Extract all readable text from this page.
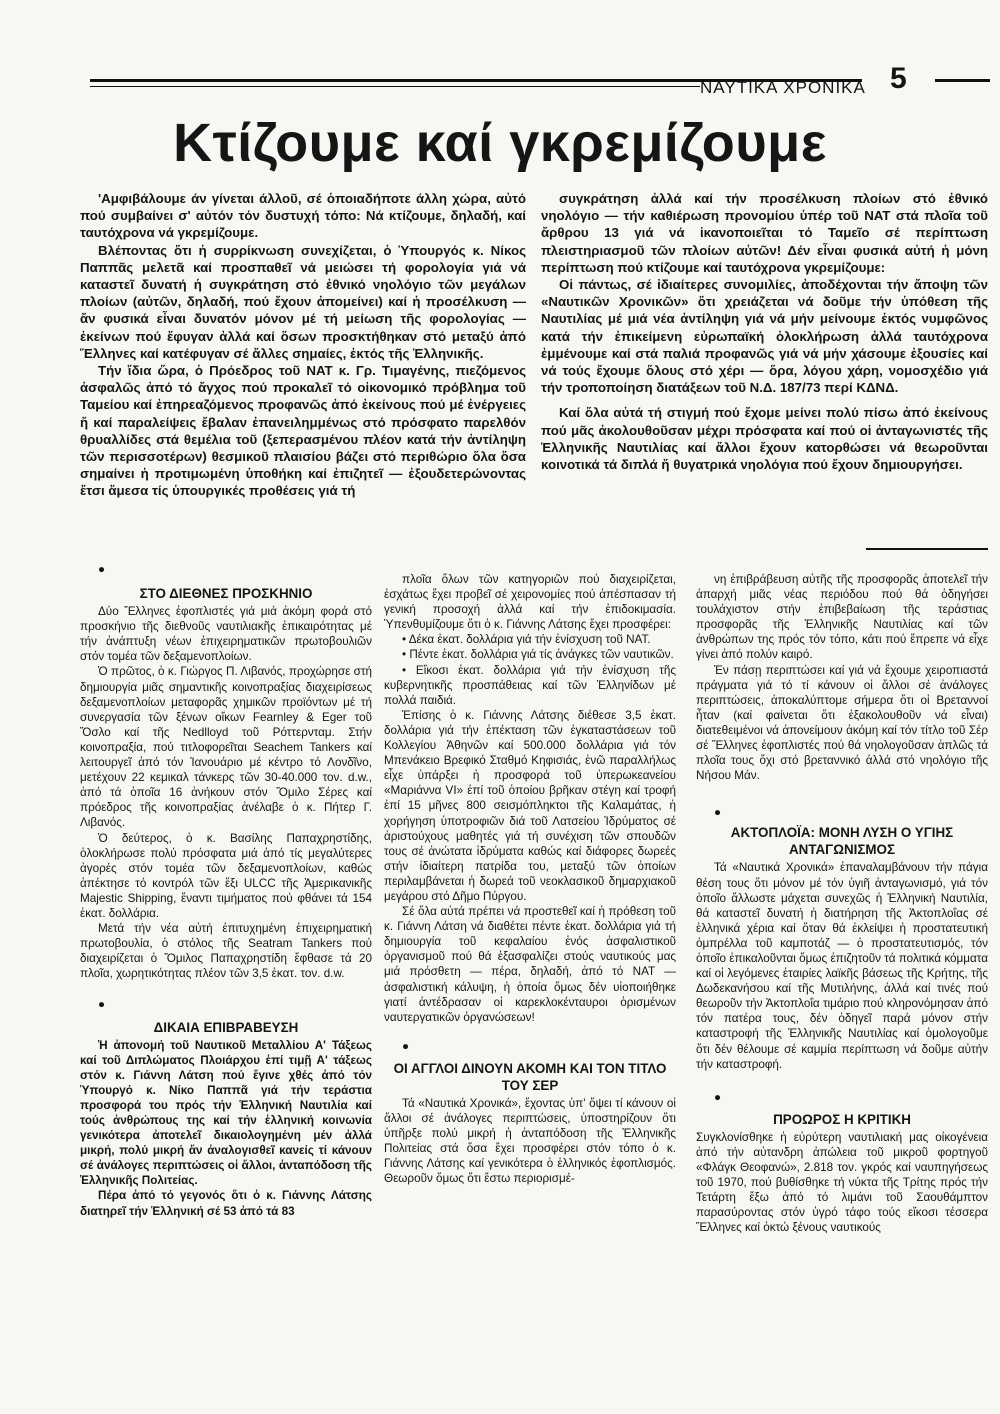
ΝΑΥΤΙΚΑ ΧΡΟΝΙΚΑ 5
Κτίζουμε καί γκρεμίζουμε

'Αμφιβάλουμε άν γίνεται άλλοῦ, σέ ὁποιαδήποτε άλλη χώρα, αὐτό πού συμβαίνει σ' αὐτόν τόν δυστυχή τόπο: Νά κτίζουμε, δηλαδή, καί ταυτόχρονα νά γκρεμίζουμε.

Βλέποντας ὅτι ἡ συρρίκνωση συνεχίζεται, ὁ Ὑπουργός κ. Νίκος Παππᾶς μελετᾶ καί προσπαθεῖ νά μειώσει τή φορολογία γιά νά καταστεῖ δυνατή ἡ συγκράτηση στό ἐθνικό νηολόγιο τῶν μεγάλων πλοίων (αὐτῶν, δηλαδή, πού ἔχουν ἀπομείνει) καί ἡ προσέλκυση — ἄν φυσικά εἶναι δυνατόν μόνον μέ τή μείωση τῆς φορολογίας — ἐκείνων πού ἔφυγαν ἀλλά καί ὅσων προσκτήθηκαν στό μεταξύ ἀπό Ἕλληνες καί κατέφυγαν σέ ἄλλες σημαίες, ἐκτός τῆς Ἑλληνικῆς.

Τήν ἴδια ὥρα, ὁ Πρόεδρος τοῦ ΝΑΤ κ. Γρ. Τιμαγένης, πιεζόμενος ἀσφαλῶς ἀπό τό ἄγχος πού προκαλεῖ τό οἰκονομικό πρόβλημα τοῦ Ταμείου καί ἐπηρεαζόμενος προφανῶς ἀπό ἐκείνους πού μέ ἐνέργειες ἤ καί παραλείψεις ἔβαλαν ἐπανειλημμένως στό πρόσφατο παρελθόν θρυαλλίδες στά θεμέλια τοῦ (ξεπερασμένου πλέον κατά τήν ἀντίληψη τῶν περισσοτέρων) θεσμικοῦ πλαισίου βάζει στό περιθώριο ὅλα ὅσα σημαίνει ἡ προτιμωμένη ὑποθήκη καί ἐπιζητεῖ — ἐξουδετερώνοντας ἔτσι ἄμεσα τίς ὑπουργικές προθέσεις γιά τή

συγκράτηση ἀλλά καί τήν προσέλκυση πλοίων στό ἐθνικό νηολόγιο — τήν καθιέρωση προνομίου ὑπέρ τοῦ ΝΑΤ στά πλοῖα τοῦ ἄρθρου 13 γιά νά ἱκανοποιεῖται τό Ταμεῖο σέ περίπτωση πλειστηριασμοῦ τῶν πλοίων αὐτῶν! Δέν εἶναι φυσικά αὐτή ἡ μόνη περίπτωση πού κτίζουμε καί ταυτόχρονα γκρεμίζουμε:

Οἱ πάντως, σέ ἰδιαίτερες συνομιλίες, ἀποδέχονται τήν ἄποψη τῶν «Ναυτικῶν Χρονικῶν» ὅτι χρειάζεται νά δοῦμε τήν ὑπόθεση τῆς Ναυτιλίας μέ μιά νέα ἀντίληψη γιά νά μήν μείνουμε ἐκτός νυμφῶνος κατά τήν ἐπικείμενη εὐρωπαϊκή ὁλοκλήρωση ἀλλά ταυτόχρονα ἐμμένουμε καί στά παλιά προφανῶς γιά νά μήν χάσουμε ἐξουσίες καί νά τούς ἔχουμε ὅλους στό χέρι — ὅρα, λόγου χάρη, νομοσχέδιο γιά τήν τροποποίηση διατάξεων τοῦ Ν.Δ. 187/73 περί ΚΔΝΔ.

Καί ὅλα αὐτά τή στιγμή πού ἔχομε μείνει πολύ πίσω ἀπό ἐκείνους πού μᾶς ἀκολουθοῦσαν μέχρι πρόσφατα καί πού οἱ ἀνταγωνιστές τῆς Ἑλληνικῆς Ναυτιλίας καί ἄλλοι ἔχουν κατορθώσει νά θεωροῦνται κοινοτικά τά διπλά ἤ θυγατρικά νηολόγια πού ἔχουν δημιουργήσει.

●

ΣΤΟ ΔΙΕΘΝΕΣ ΠΡΟΣΚΗΝΙΟ

Δύο Ἕλληνες ἐφοπλιστές γιά μιά ἀκόμη φορά στό προσκήνιο τῆς διεθνοῦς ναυτιλιακῆς ἐπικαιρότητας μέ τήν ἀνάπτυξη νέων ἐπιχειρηματικῶν πρωτοβουλιῶν στόν τομέα τῶν δεξαμενοπλοίων.

Ὁ πρῶτος, ὁ κ. Γιώργος Π. Λιβανός, προχώρησε στή δημιουργία μιᾶς σημαντικῆς κοινοπραξίας διαχειρίσεως δεξαμενοπλοίων μεταφορᾶς χημικῶν προϊόντων μέ τή συνεργασία τῶν ξένων οἴκων Fearnley & Eger τοῦ Ὄσλο καί τῆς Nedlloyd τοῦ Ρόττερνταμ. Στήν κοινοπραξία, πού τιτλοφορεῖται Seachem Tankers καί λειτουργεῖ ἀπό τόν Ἰανουάριο μέ κέντρο τό Λονδῖνο, μετέχουν 22 κεμικαλ τάνκερς τῶν 30-40.000 τον. d.w., ἀπό τά ὁποῖα 16 ἀνήκουν στόν Ὅμιλο Σέρες καί πρόεδρος τῆς κοινοπραξίας ἀνέλαβε ὁ κ. Πήτερ Γ. Λιβανός.

Ὁ δεύτερος, ὁ κ. Βασίλης Παπαχρηστίδης, ὁλοκλήρωσε πολύ πρόσφατα μιά ἀπό τίς μεγαλύτερες ἀγορές στόν τομέα τῶν δεξαμενοπλοίων, καθώς ἀπέκτησε τό κοντρόλ τῶν ἕξι ULCC τῆς Ἀμερικανικῆς Majestic Shipping, ἔναντι τιμήματος πού φθάνει τά 154 ἑκατ. δολλάρια.

Μετά τήν νέα αὐτή ἐπιτυχημένη ἐπιχειρηματική πρωτοβουλία, ὁ στόλος τῆς Seatram Tankers πού διαχειρίζεται ὁ Ὅμιλος Παπαχρηστίδη ἔφθασε τά 20 πλοῖα, χωρητικότητας πλέον τῶν 3,5 ἑκατ. τον. d.w.

●

ΔΙΚΑΙΑ ΕΠΙΒΡΑΒΕΥΣΗ

Ἡ ἀπονομή τοῦ Ναυτικοῦ Μεταλλίου Α' Τάξεως καί τοῦ Διπλώματος Πλοιάρχου ἐπί τιμῇ Α' τάξεως στόν κ. Γιάννη Λάτση πού ἔγινε χθές ἀπό τόν Ὑπουργό κ. Νίκο Παππᾶ γιά τήν τεράστια προσφορά του πρός τήν Ἑλληνική Ναυτιλία καί τούς ἀνθρώπους της καί τήν ἑλληνική κοινωνία γενικότερα ἀποτελεῖ δικαιολογημένη μέν ἀλλά μικρή, πολύ μικρή ἄν ἀναλογισθεῖ κανείς τί κάνουν σέ ἀνάλογες περιπτώσεις οἱ ἄλλοι, ἀνταπόδοση τῆς Ἑλληνικῆς Πολιτείας.

Πέρα ἀπό τό γεγονός ὅτι ὁ κ. Γιάννης Λάτσης διατηρεῖ τήν Ἑλληνική σέ 53 ἀπό τά 83

πλοῖα ὅλων τῶν κατηγοριῶν πού διαχειρίζεται, ἐσχάτως ἔχει προβεῖ σέ χειρονομίες πού ἀπέσπασαν τή γενική προσοχή ἀλλά καί τήν ἐπιδοκιμασία. Ὑπενθυμίζουμε ὅτι ὁ κ. Γιάννης Λάτσης ἔχει προσφέρει:

• Δέκα ἑκατ. δολλάρια γιά τήν ἐνίσχυση τοῦ ΝΑΤ.

• Πέντε ἑκατ. δολλάρια γιά τίς ἀνάγκες τῶν ναυτικῶν.

• Εἴκοσι ἑκατ. δολλάρια γιά τήν ἐνίσχυση τῆς κυβερνητικῆς προσπάθειας καί τῶν Ἑλληνίδων μέ πολλά παιδιά.

Ἐπίσης ὁ κ. Γιάννης Λάτσης διέθεσε 3,5 ἑκατ. δολλάρια γιά τήν ἐπέκταση τῶν ἐγκαταστάσεων τοῦ Κολλεγίου Ἀθηνῶν καί 500.000 δολλάρια γιά τόν Μπενάκειο Βρεφικό Σταθμό Κηφισιάς, ἐνῶ παραλλήλως εἶχε ὑπάρξει ἡ προσφορά τοῦ ὑπερωκεανείου «Μαριάννα VI» ἐπί τοῦ ὁποίου βρῆκαν στέγη καί τροφή ἐπί 15 μῆνες 800 σεισμόπληκτοι τῆς Καλαμάτας, ἡ χορήγηση ὑποτροφιῶν διά τοῦ Λατσείου Ἱδρύματος σέ ἀριστούχους μαθητές γιά τή συνέχιση τῶν σπουδῶν τους σέ ἀνώτατα ἱδρύματα καθώς καί διάφορες δωρεές στήν ἰδιαίτερη πατρίδα του, μεταξύ τῶν ὁποίων περιλαμβάνεται ἡ δωρεά τοῦ νεοκλασικοῦ δημαρχιακοῦ μεγάρου στό Δῆμο Πύργου.

Σέ ὅλα αὐτά πρέπει νά προστεθεῖ καί ἡ πρόθεση τοῦ κ. Γιάννη Λάτση νά διαθέτει πέντε ἑκατ. δολλάρια γιά τή δημιουργία τοῦ κεφαλαίου ἑνός ἀσφαλιστικοῦ ὀργανισμοῦ πού θά ἐξασφαλίζει στούς ναυτικούς μας μιά πρόσθετη — πέρα, δηλαδή, ἀπό τό ΝΑΤ — ἀσφαλιστική κάλυψη, ἡ ὁποία ὅμως δέν υἱοποιήθηκε γιατί ἀντέδρασαν οἱ καρεκλοκένταυροι ὁρισμένων ναυτεργατικῶν ὀργανώσεων!

●

ΟΙ ΑΓΓΛΟΙ ΔΙΝΟΥΝ ΑΚΟΜΗ ΚΑΙ ΤΟΝ ΤΙΤΛΟ ΤΟΥ ΣΕΡ

Τά «Ναυτικά Χρονικά», ἔχοντας ὑπ' ὄψει τί κάνουν οἱ ἄλλοι σέ ἀνάλογες περιπτώσεις, ὑποστηρίζουν ὅτι ὑπῆρξε πολύ μικρή ἡ ἀνταπόδοση τῆς Ἑλληνικῆς Πολιτείας στά ὅσα ἔχει προσφέρει στόν τόπο ὁ κ. Γιάννης Λάτσης καί γενικότερα ὁ ἑλληνικός ἐφοπλισμός. Θεωροῦν ὅμως ὅτι ἔστω περιορισμέ-

νη ἐπιβράβευση αὐτῆς τῆς προσφορᾶς ἀποτελεῖ τήν ἀπαρχή μιᾶς νέας περιόδου πού θά ὁδηγήσει τουλάχιστον στήν ἐπιβεβαίωση τῆς τεράστιας προσφορᾶς τῆς Ἑλληνικῆς Ναυτιλίας καί τῶν ἀνθρώπων της πρός τόν τόπο, κάτι πού ἔπρεπε νά εἶχε γίνει ἀπό πολύν καιρό.

Ἐν πάσῃ περιπτώσει καί γιά νά ἔχουμε χειροπιαστά πράγματα γιά τό τί κάνουν οἱ ἄλλοι σέ ἀνάλογες περιπτώσεις, ἀποκαλύπτομε σήμερα ὅτι οἱ Βρεταννοί ἦταν (καί φαίνεται ὅτι ἐξακολουθοῦν νά εἶναι) διατεθειμένοι νά ἀπονείμουν ἀκόμη καί τόν τίτλο τοῦ Σέρ σέ Ἕλληνες ἐφοπλιστές πού θά νηολογοῦσαν ἁπλῶς τά πλοῖα τους ὄχι στό βρεταννικό ἀλλά στό νηολόγιο τῆς Νήσου Μάν.

●

ΑΚΤΟΠΛΟΪΑ: ΜΟΝΗ ΛΥΣΗ Ο ΥΓΙΗΣ ΑΝΤΑΓΩΝΙΣΜΟΣ

Τά «Ναυτικά Χρονικά» ἐπαναλαμβάνουν τήν πάγια θέση τους ὅτι μόνον μέ τόν ὑγιῆ ἀνταγωνισμό, γιά τόν ὁποῖο ἄλλωστε μάχεται συνεχῶς ἡ Ἑλληνική Ναυτιλία, θά καταστεῖ δυνατή ἡ διατήρηση τῆς Ἀκτοπλοΐας σέ ἑλληνικά χέρια καί ὅταν θά ἐκλείψει ἡ προστατευτική ὀμπρέλλα τοῦ καμποτάζ — ὁ προστατευτισμός, τόν ὁποῖο ἐπικαλοῦνται ὅμως ἐπιζητοῦν τά πολιτικά κόμματα καί οἱ λεγόμενες ἑταιρίες λαϊκῆς βάσεως τῆς Κρήτης, τῆς Δωδεκανήσου καί τῆς Μυτιλήνης, ἀλλά καί τινές πού θεωροῦν τήν Ἀκτοπλοΐα τιμάριο πού κληρονόμησαν ἀπό τόν πατέρα τους, δέν ὁδηγεῖ παρά μόνον στήν καταστροφή τῆς Ἑλληνικῆς Ναυτιλίας καί ὁμολογοῦμε ὅτι δέν θέλουμε σέ καμμία περίπτωση νά δοῦμε αὐτήν τήν καταστροφή.

●

ΠΡΟΩΡΟΣ Η ΚΡΙΤΙΚΗ

Συγκλονίσθηκε ἡ εὐρύτερη ναυτιλιακή μας οἰκογένεια ἀπό τήν αὐτανδρη ἀπώλεια τοῦ μικροῦ φορτηγοῦ «Φλάγκ Θεοφανώ», 2.818 τον. γκρός καί ναυπηγήσεως τοῦ 1970, πού βυθίσθηκε τή νύκτα τῆς Τρίτης πρός τήν Τετάρτη ἔξω ἀπό τό λιμάνι τοῦ Σαουθάμπτον παρασύροντας στόν ὑγρό τάφο τούς εἴκοσι τέσσερα Ἕλληνες καί ὀκτώ ξένους ναυτικούς
